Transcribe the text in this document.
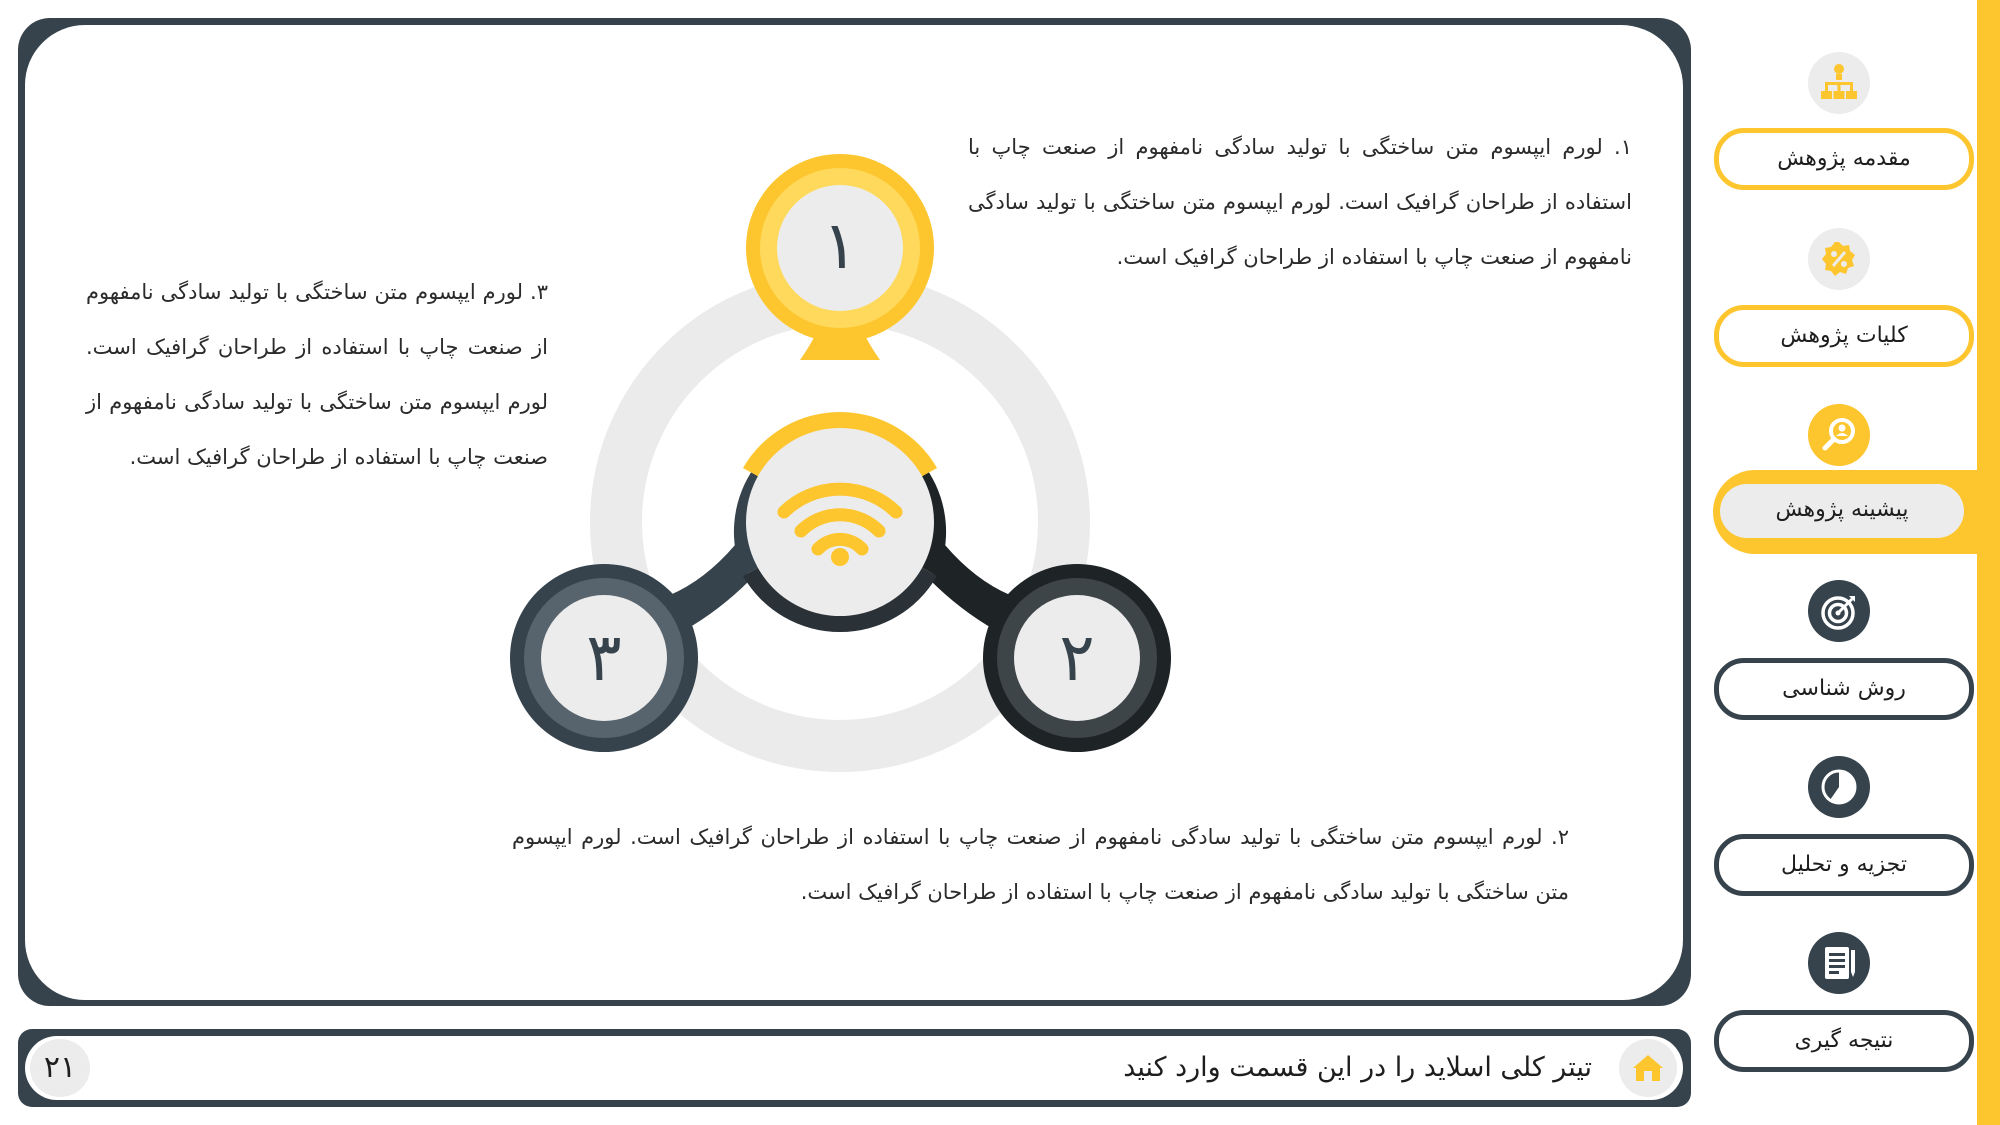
۱
۲
۳
۱. لورم ایپسوم متن ساختگی با تولید سادگی نامفهوم از صنعت چاپ با استفاده از طراحان گرافیک است. لورم ایپسوم متن ساختگی با تولید سادگی نامفهوم از صنعت چاپ با استفاده از طراحان گرافیک است.
۳. لورم ایپسوم متن ساختگی با تولید سادگی نامفهوم از صنعت چاپ با استفاده از طراحان گرافیک است. لورم ایپسوم متن ساختگی با تولید سادگی نامفهوم از صنعت چاپ با استفاده از طراحان گرافیک است.
۲. لورم ایپسوم متن ساختگی با تولید سادگی نامفهوم از صنعت چاپ با استفاده از طراحان گرافیک است. لورم ایپسوم متن ساختگی با تولید سادگی نامفهوم از صنعت چاپ با استفاده از طراحان گرافیک است.
تیتر کلی اسلاید را در این قسمت وارد کنید
۲۱
مقدمه پژوهش
کلیات پژوهش
پیشینه پژوهش
روش شناسی
تجزیه و تحلیل
نتیجه گیری
